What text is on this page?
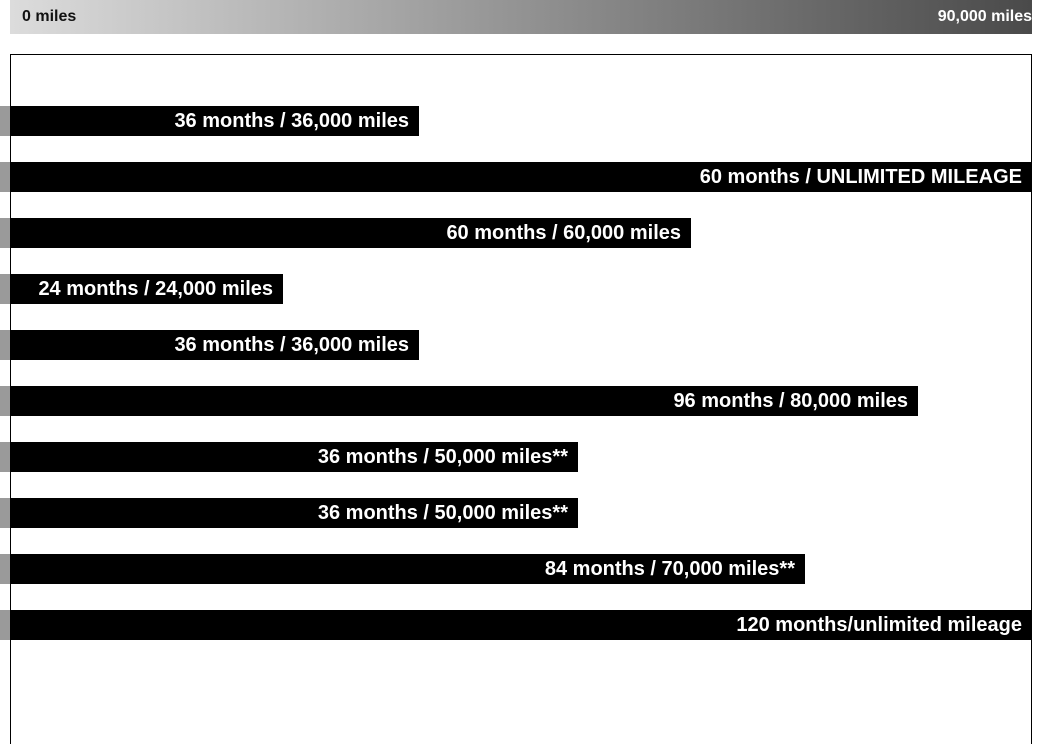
0 miles	90,000 miles
36 months / 36,000 miles
60 months / UNLIMITED MILEAGE
60 months / 60,000 miles
24 months / 24,000 miles
36 months / 36,000 miles
96 months / 80,000 miles
36 months / 50,000 miles**
36 months / 50,000 miles**
84 months / 70,000 miles**
120 months/unlimited mileage
